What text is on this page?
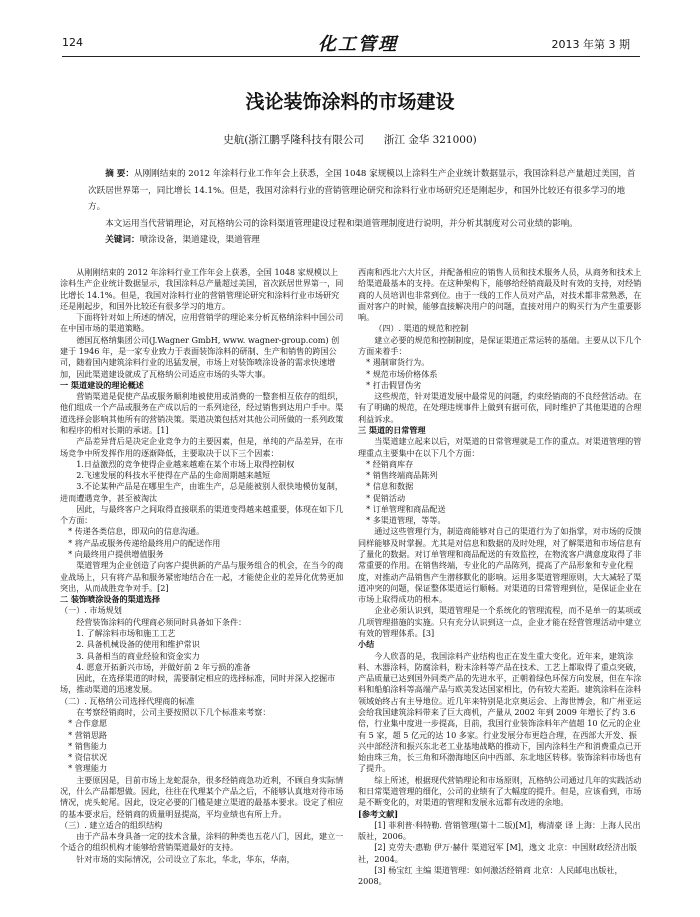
124	化工管理	2013 年第 3 期
浅论装饰涂料的市场建设
史航(浙江鹏孚隆科技有限公司 浙江 金华 321000)
摘 要：从刚刚结束的 2012 年涂料行业工作年会上获悉，全国 1048 家规模以上涂料生产企业统计数据显示，我国涂料总产量超过美国，首次跃居世界第一，同比增长 14.1%。但是，我国对涂料行业的营销管理论研究和涂料行业市场研究还是刚起步，和国外比较还有很多学习的地方。
本文运用当代营销理论，对瓦格纳公司的涂料渠道管理建设过程和渠道管理制度进行说明，并分析其制度对公司业绩的影响。
关键词：喷涂设备，渠道建设，渠道管理

从刚刚结束的 2012 年涂料行业工作年会上获悉，全国 1048 家规模以上涂料生产企业统计数据显示，我国涂料总产量超过美国，首次跃居世界第一，同比增长 14.1%。但是，我国对涂料行业的营销管理论研究和涂料行业市场研究还是刚起步，和国外比较还有很多学习的地方。

下面将针对如上所述的情况，应用营销学的理论来分析瓦格纳涂料中国公司在中国市场的渠道策略。

德国瓦格纳集团公司(J.Wagner GmbH, www. wagner-group.com) 创建于 1946 年，是一家专业致力于表面装饰涂料的研制、生产和销售的跨国公司，随着国内建筑涂料行业的迅猛发展，市场上对装饰喷涂设备的需求快速增加，因此渠道建设就成了瓦格纳公司适应市场的头等大事。

一 渠道建设的理论概述

营销渠道是促使产品或服务顺利地被使用或消费的一整套相互依存的组织，他们组成一个产品或服务在产成以后的一系列途径，经过销售到达用户手中。渠道选择会影响其他所有的营销决策。渠道决策包括对其他公司所做的一系列政策和程序的相对长期的承诺。[1]

产品差异背后是决定企业竞争力的主要因素，但是，单纯的产品差异，在市场竞争中所发挥作用的逐渐降低，主要取决于以下三个因素：

1.日益激烈的竞争使得企业越来越难在某个市场上取得控制权

2.飞速发展的科技水平使得在产品的生命周期越来越短

3.不论某种产品是在哪里生产，由谁生产，总是能被别人很快地模仿复制，进而遭遇竞争，甚至被淘汰

因此，与最终客户之间取得直接联系的渠道变得越来越重要，体现在如下几个方面：

* 传递各类信息，即双向的信息沟通。

* 将产品或服务传递给最终用户的配送作用

* 向最终用户提供增值服务

渠道管理为企业创造了向客户提供新的产品与服务组合的机会，在当今的商业战场上，只有将产品和服务紧密地结合在一起，才能使企业的差异化优势更加突出，从而战胜竞争对手。[2]

二 装饰喷涂设备的渠道选择

（一）. 市场规划

经营装饰涂料的代理商必须同时具备如下条件：

1. 了解涂料市场和施工工艺

2. 具备机械设备的使用和维护常识

3. 具备相当的商业经验和资金实力

4. 愿意开拓新兴市场，并做好前 2 年亏损的准备

因此，在选择渠道的时候，需要制定相应的选择标准，同时并深入挖掘市场，推动渠道的迅速发展。

（二）. 瓦格纳公司选择代理商的标准

在考察经销商时，公司主要按照以下几个标准来考察：

* 合作意愿

* 营销思路

* 销售能力

* 资信状况

* 管理能力

主要原因是，目前市场上龙蛇混杂，很多经销商急功近利，不顾自身实际情况，什么产品都想做。因此，往往在代理某个产品之后，不能够认真地对待市场情况，虎头蛇尾。因此，设定必要的门槛是建立渠道的最基本要求。设定了相应的基本要求后，经销商的质量明显提高，平均业绩也有所上升。

（三）. 建立适合的组织结构

由于产品本身具备一定的技术含量，涂料的种类也五花八门，因此，建立一个适合的组织机构才能够给营销渠道最好的支持。

针对市场的实际情况，公司设立了东北，华北，华东，华南，

西南和西北六大片区，并配备相应的销售人员和技术服务人员，从商务和技术上给渠道最基本的支持。在这种架构下，能够给经销商最及时有效的支持，对经销商的人员培训也非常到位。由于一线的工作人员对产品，对技术都非常熟悉，在面对客户的时候，能够直接解决用户的问题，直接对用户的购买行为产生重要影响。

（四）. 渠道的规范和控制

建立必要的规范和控制制度，是保证渠道正常运转的基础。主要从以下几个方面来着手：

* 遏制窜货行为。

* 规范市场价格体系

* 打击假冒伪劣

这些规范，针对渠道发展中最常见的问题，约束经销商的不良经营活动。在有了明确的规范，在处理违规事件上做到有据可依，同时维护了其他渠道的合理利益诉求。

三 渠道的日常管理

当渠道建立起来以后，对渠道的日常管理就是工作的重点。对渠道管理的管理重点主要集中在以下几个方面：

* 经销商库存

* 销售终端商品陈列

* 信息和数据

* 促销活动

* 订单管理和商品配送

* 多渠道管理，等等。

通过这些管理行为，制造商能够对自己的渠道行为了如指掌，对市场的反馈同样能够及时掌握。尤其是对信息和数据的及时处理，对了解渠道和市场信息有了量化的数据。对订单管理和商品配送的有效监控，在物流客户满意度取得了非常重要的作用。在销售终端，专业化的产品陈列，提高了产品形象和专业化程度，对推动产品销售产生潜移默化的影响。运用多渠道管理原则，大大减轻了渠道冲突的问题，保证整体渠道运行顺畅。对渠道的日常管理到位，是保证企业在市场上取得成功的根本。

企业必须认识到，渠道管理是一个系统化的管理流程，而不是单一的某项或几项管理措施的实施。只有充分认识到这一点，企业才能在经营管理活动中建立有效的管理体系。[3]

小结

今人欣喜的是，我国涂料产业结构也正在发生重大变化。近年来，建筑涂料、木器涂料，防腐涂料，粉末涂料等产品在技术、工艺上都取得了重点突破，产品质量已达到国外同类产品的先进水平，正朝着绿色环保方向发展，但在车涂料和船舶涂料等高端产品与欧美发达国家相比，仍有较大差距。建筑涂料在涂料领域始终占有主导地位。近几年来特别是北京奥运会、上海世博会，和广州亚运会给我国建筑涂料带来了巨大商机，产量从 2002 年到 2009 年增长了约 3.6 倍，行业集中度进一步提高，目前，我国行业装饰涂料年产值超 10 亿元的企业有 5 家，超 5 亿元的达 10 多家。行业发展分布更趋合理，在西部大开发、振兴中部经济和振兴东北老工业基地战略的推动下，国内涂料生产和消费重点已开始由珠三角，长三角和环渤海地区向中西部、东北地区转移。装饰涂料市场也有了提升。

综上所述，根据现代营销理论和市场原则，瓦格纳公司通过几年的实践活动和日常渠道管理的细化，公司的业绩有了大幅度的提升。但是，应该看到，市场是不断变化的，对渠道的管理和发展永远都有改进的余地。

[参考文献]

[1] 菲利普·科特勒. 营销管理(第十二版)[M]，梅清豪 译 上海：上海人民出版社，2006。

[2] 克劳夫·惠勒 伊万·赫什 渠道冠军 [M]，逸文 北京：中国财政经济出版社，2004。

[3] 杨宝红 主编 渠道管理：如何激活经销商 北京：人民邮电出版社，2008。
